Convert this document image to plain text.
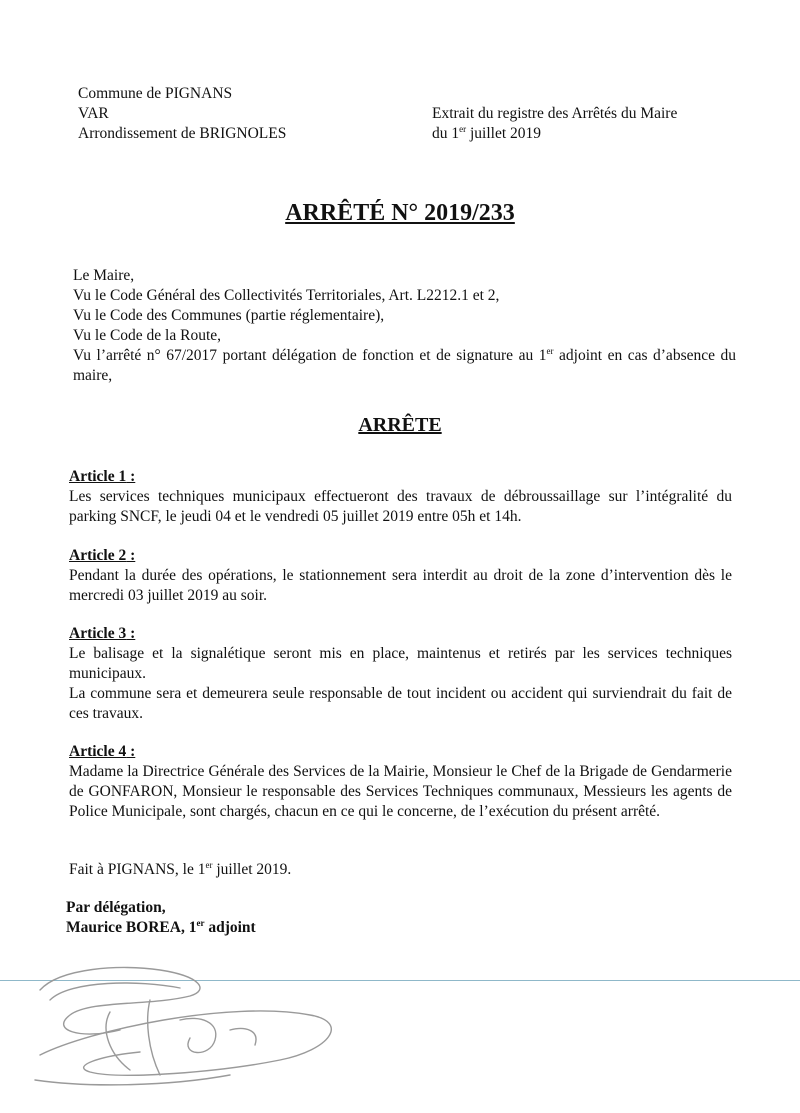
Commune de PIGNANS
VAR
Arrondissement de BRIGNOLES
Extrait du registre des Arrêtés du Maire
du 1er juillet 2019
ARRÊTÉ N° 2019/233
Le Maire,
Vu le Code Général des Collectivités Territoriales, Art. L2212.1 et 2,
Vu le Code des Communes (partie réglementaire),
Vu le Code de la Route,
Vu l’arrêté n° 67/2017 portant délégation de fonction et de signature au 1er adjoint en cas d’absence du maire,
ARRÊTE
Article 1 :
Les services techniques municipaux effectueront des travaux de débroussaillage sur l’intégralité du parking SNCF, le jeudi 04 et le vendredi 05 juillet 2019 entre 05h et 14h.
Article 2 :
Pendant la durée des opérations, le stationnement sera interdit au droit de la zone d’intervention dès le mercredi 03 juillet 2019 au soir.
Article 3 :
Le balisage et la signalétique seront mis en place, maintenus et retirés par les services techniques municipaux.
La commune sera et demeurera seule responsable de tout incident ou accident qui surviendrait du fait de ces travaux.
Article 4 :
Madame la Directrice Générale des Services de la Mairie, Monsieur le Chef de la Brigade de Gendarmerie de GONFARON, Monsieur le responsable des Services Techniques communaux, Messieurs les agents de Police Municipale, sont chargés, chacun en ce qui le concerne, de l’exécution du présent arrêté.
Fait à PIGNANS, le 1er juillet 2019.
Par délégation,
Maurice BOREA, 1er adjoint
